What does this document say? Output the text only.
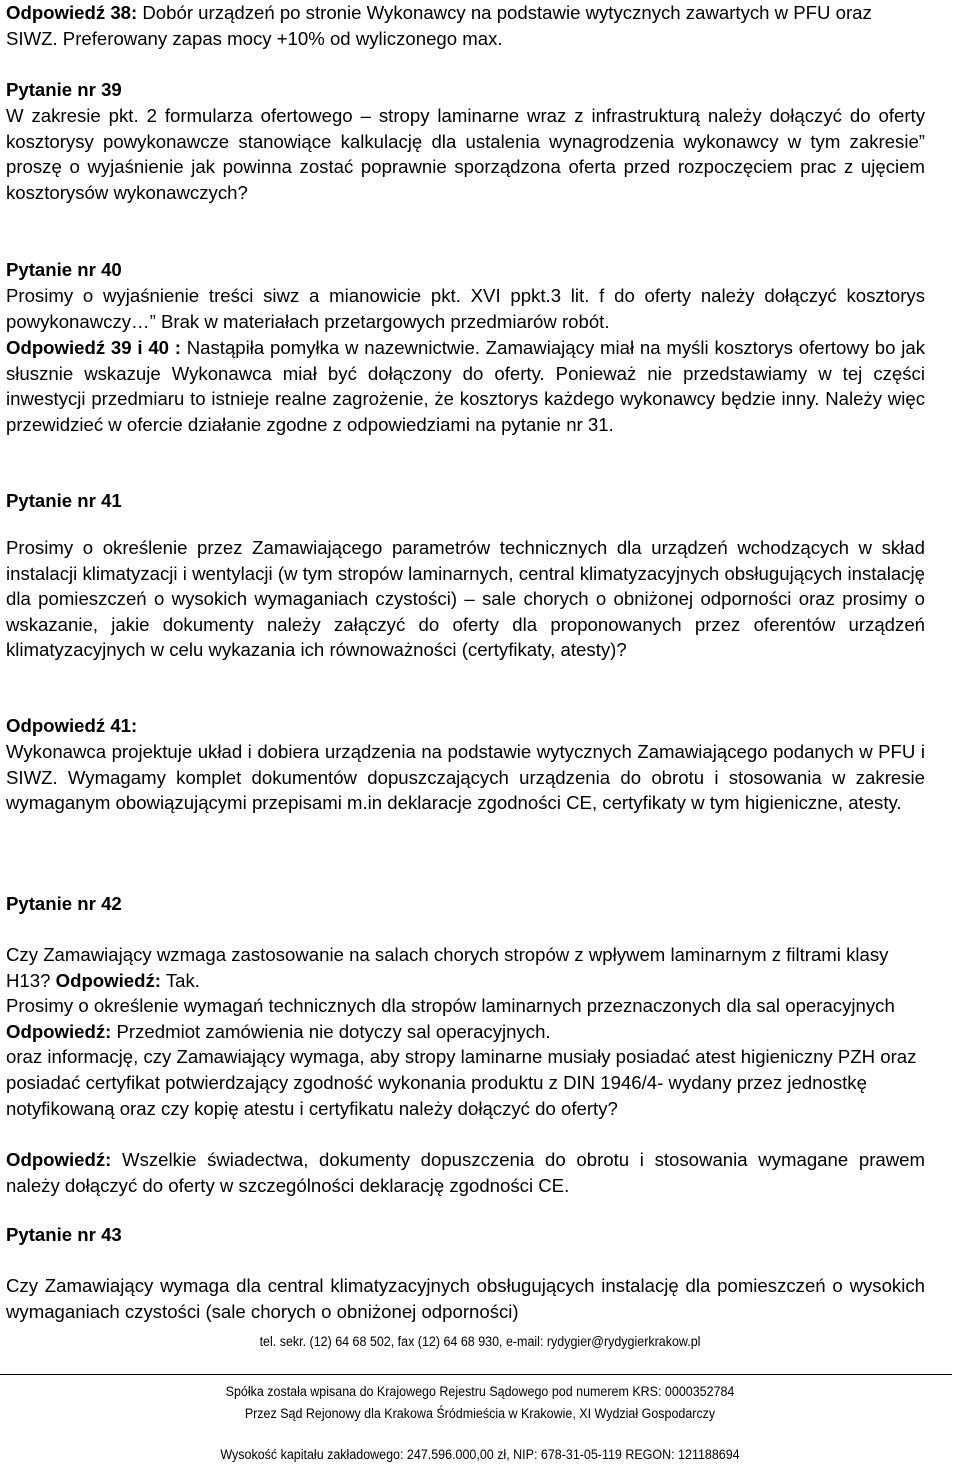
Odpowiedź 38: Dobór urządzeń po stronie Wykonawcy na podstawie wytycznych zawartych w PFU oraz SIWZ. Preferowany zapas mocy +10% od wyliczonego max.

Pytanie nr 39

W zakresie pkt. 2 formularza ofertowego – stropy laminarne wraz z infrastrukturą należy dołączyć do oferty kosztorysy powykonawcze stanowiące kalkulację dla ustalenia wynagrodzenia wykonawcy w tym zakresie” proszę o wyjaśnienie jak powinna zostać poprawnie sporządzona oferta przed rozpoczęciem prac z ujęciem kosztorysów wykonawczych?

Pytanie nr 40

Prosimy o wyjaśnienie treści siwz a mianowicie pkt. XVI ppkt.3 lit. f do oferty należy dołączyć kosztorys powykonawczy…” Brak w materiałach przetargowych przedmiarów robót.

Odpowiedź 39 i 40 : Nastąpiła pomyłka w nazewnictwie. Zamawiający miał na myśli kosztorys ofertowy bo jak słusznie wskazuje Wykonawca miał być dołączony do oferty. Ponieważ nie przedstawiamy w tej części inwestycji przedmiaru to istnieje realne zagrożenie, że kosztorys każdego wykonawcy będzie inny. Należy więc przewidzieć w ofercie działanie zgodne z odpowiedziami na pytanie nr 31.

Pytanie nr 41

Prosimy o określenie przez Zamawiającego parametrów technicznych dla urządzeń wchodzących w skład instalacji klimatyzacji i wentylacji (w tym stropów laminarnych, central klimatyzacyjnych obsługujących instalację dla pomieszczeń o wysokich wymaganiach czystości) – sale chorych o obniżonej odporności oraz prosimy o wskazanie, jakie dokumenty należy załączyć do oferty dla proponowanych przez oferentów urządzeń klimatyzacyjnych w celu wykazania ich równoważności (certyfikaty, atesty)?

Odpowiedź 41:

Wykonawca projektuje układ i dobiera urządzenia na podstawie wytycznych Zamawiającego podanych w PFU i SIWZ. Wymagamy komplet dokumentów dopuszczających urządzenia do obrotu i stosowania w zakresie wymaganym obowiązującymi przepisami m.in deklaracje zgodności CE, certyfikaty w tym higieniczne, atesty.

Pytanie nr 42

Czy Zamawiający wzmaga zastosowanie na salach chorych stropów z wpływem laminarnym z filtrami klasy H13? Odpowiedź: Tak.
Prosimy o określenie wymagań technicznych dla stropów laminarnych przeznaczonych dla sal operacyjnych Odpowiedź: Przedmiot zamówienia nie dotyczy sal operacyjnych.
oraz informację, czy Zamawiający wymaga, aby stropy laminarne musiały posiadać atest higieniczny PZH oraz posiadać certyfikat potwierdzający zgodność wykonania produktu z DIN 1946/4- wydany przez jednostkę notyfikowaną oraz czy kopię atestu i certyfikatu należy dołączyć do oferty?

Odpowiedź: Wszelkie świadectwa, dokumenty dopuszczenia do obrotu i stosowania wymagane prawem należy dołączyć do oferty w szczególności deklarację zgodności CE.

Pytanie nr 43

Czy Zamawiający wymaga dla central klimatyzacyjnych obsługujących instalację dla pomieszczeń o wysokich wymaganiach czystości (sale chorych o obniżonej odporności)

tel. sekr. (12) 64 68 502, fax (12) 64 68 930, e-mail: rydygier@rydygierkrakow.pl
Spółka została wpisana do Krajowego Rejestru Sądowego pod numerem KRS: 0000352784
Przez Sąd Rejonowy dla Krakowa Śródmieścia w Krakowie, XI Wydział Gospodarczy
Wysokość kapitału zakładowego: 247.596.000,00 zł, NIP: 678-31-05-119 REGON: 121188694
